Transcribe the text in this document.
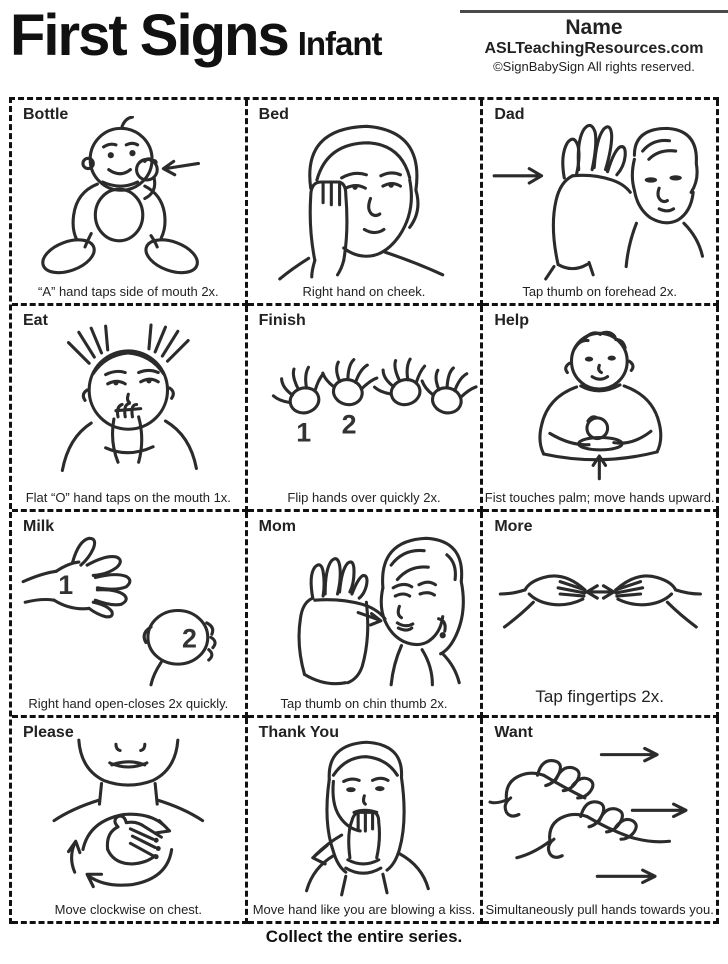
First Signs Infant	Name
ASLTeachingResources.com
©SignBabySign All rights reserved.
Bottle
“A” hand taps side of mouth 2x.
Bed
Right hand on cheek.
Dad
Tap thumb on forehead 2x.
Eat
Flat “O” hand taps on the mouth 1x.
Finish
1 2
Flip hands over quickly 2x.
Help
Fist touches palm; move hands upward.
Milk
1
2
Right hand open-closes 2x quickly.
Mom
Tap thumb on chin thumb 2x.
More
Tap fingertips 2x.
Please
Move clockwise on chest.
Thank You
Move hand like you are blowing a kiss.
Want
Simultaneously pull hands towards you.
Collect the entire series.
